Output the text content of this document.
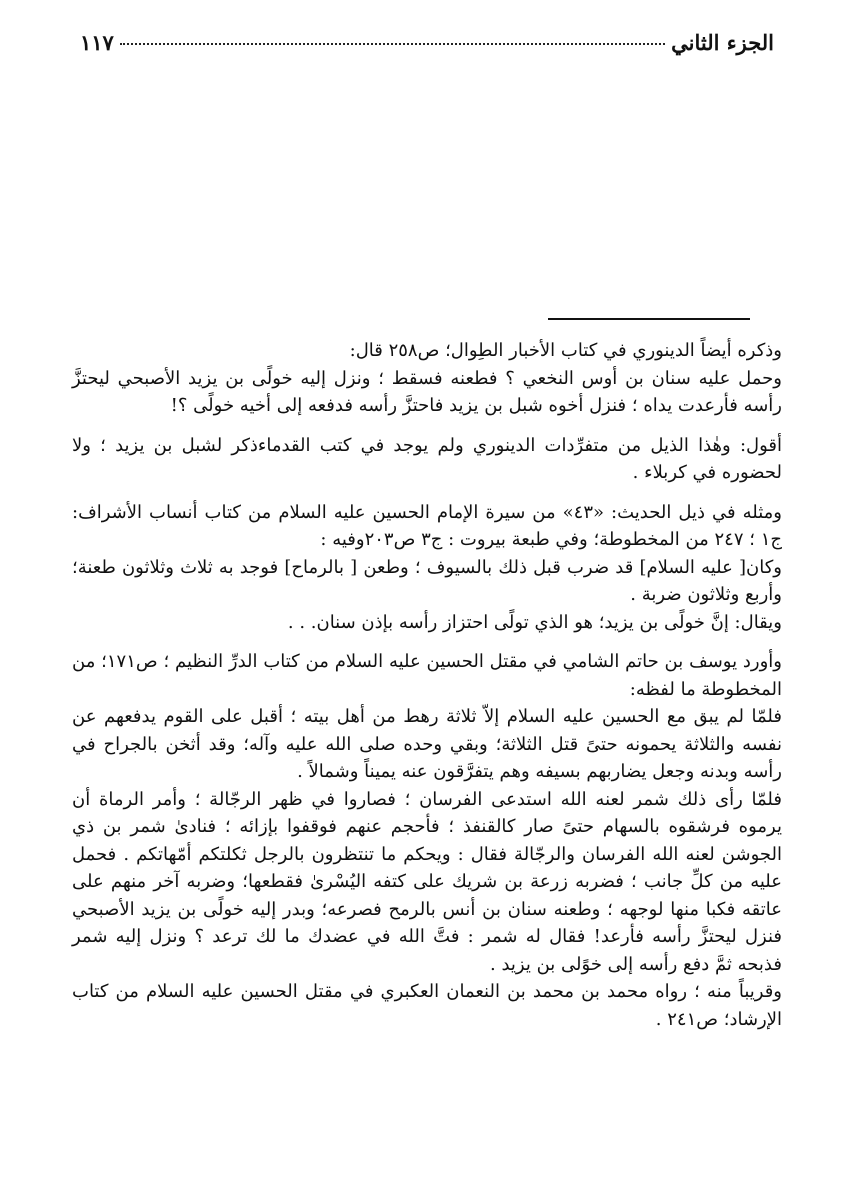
الجزء الثاني
١١٧

وذكره أيضاً الدينوري في كتاب الأخبار الطِوال؛ ص٢٥٨ قال:

وحمل عليه سنان بن أوس النخعي ؟ فطعنه فسقط ؛ ونزل إليه خولًى بن يزيد الأصبحي ليحتزَّ رأسه فأرعدت يداه ؛ فنزل أخوه شبل بن يزيد فاحتزَّ رأسه فدفعه إلى أخيه خولًى ؟!

أقول: وهٰذا الذيل من متفرِّدات الدينوري ولم يوجد في كتب القدماءذكر لشبل بن يزيد ؛ ولا لحضوره في كربلاء .

ومثله في ذيل الحديث: «٤٣» من سيرة الإمام الحسين عليه السلام من كتاب أنساب الأشراف: ج١ ؛ ٢٤٧ من المخطوطة؛ وفي طبعة بيروت : ج٣ ص٢٠٣وفيه :

وكان[ عليه السلام] قد ضرب قبل ذلك بالسيوف ؛ وطعن [ بالرماح] فوجد به ثلاث وثلاثون طعنة؛ وأربع وثلاثون ضربة .

ويقال: إنَّ خولًى بن يزيد؛ هو الذي تولًى احتزاز رأسه بإذن سنان. . .

وأورد يوسف بن حاتم الشامي في مقتل الحسين عليه السلام من كتاب الدرِّ النظيم ؛ ص١٧١؛ من المخطوطة ما لفظه:

فلمّا لم يبق مع الحسين عليه السلام إلاّ ثلاثة رهط من أهل بيته ؛ أقبل على القوم يدفعهم عن نفسه والثلاثة يحمونه حتىً قتل الثلاثة؛ وبقي وحده صلى الله عليه وآله؛ وقد أثخن بالجراح في رأسه وبدنه وجعل يضاربهم بسيفه وهم يتفرَّقون عنه يميناً وشمالاً .

فلمّا رأى ذلك شمر لعنه الله استدعى الفرسان ؛ فصاروا في ظهر الرجّالة ؛ وأمر الرماة أن يرموه فرشقوه بالسهام حتىً صار كالقنفذ ؛ فأحجم عنهم فوقفوا بإزائه ؛ فنادىٰ شمر بن ذي الجوشن لعنه الله الفرسان والرجّالة فقال : ويحكم ما تنتظرون بالرجل ثكلتكم أمّهاتكم . فحمل عليه من كلِّ جانب ؛ فضربه زرعة بن شريك على كتفه اليُسْرىٰ فقطعها؛ وضربه آخر منهم على عاتقه فكبا منها لوجهه ؛ وطعنه سنان بن أنس بالرمح فصرعه؛ وبدر إليه خولًى بن يزيد الأصبحي فنزل ليحتزَّ رأسه فأرعد! فقال له شمر : فتَّ الله في عضدك ما لك ترعد ؟ ونزل إليه شمر فذبحه ثمَّ دفع رأسه إلى خوًلى بن يزيد .

وقريباً منه ؛ رواه محمد بن محمد بن النعمان العكبري في مقتل الحسين عليه السلام من كتاب الإرشاد؛ ص٢٤١ .
